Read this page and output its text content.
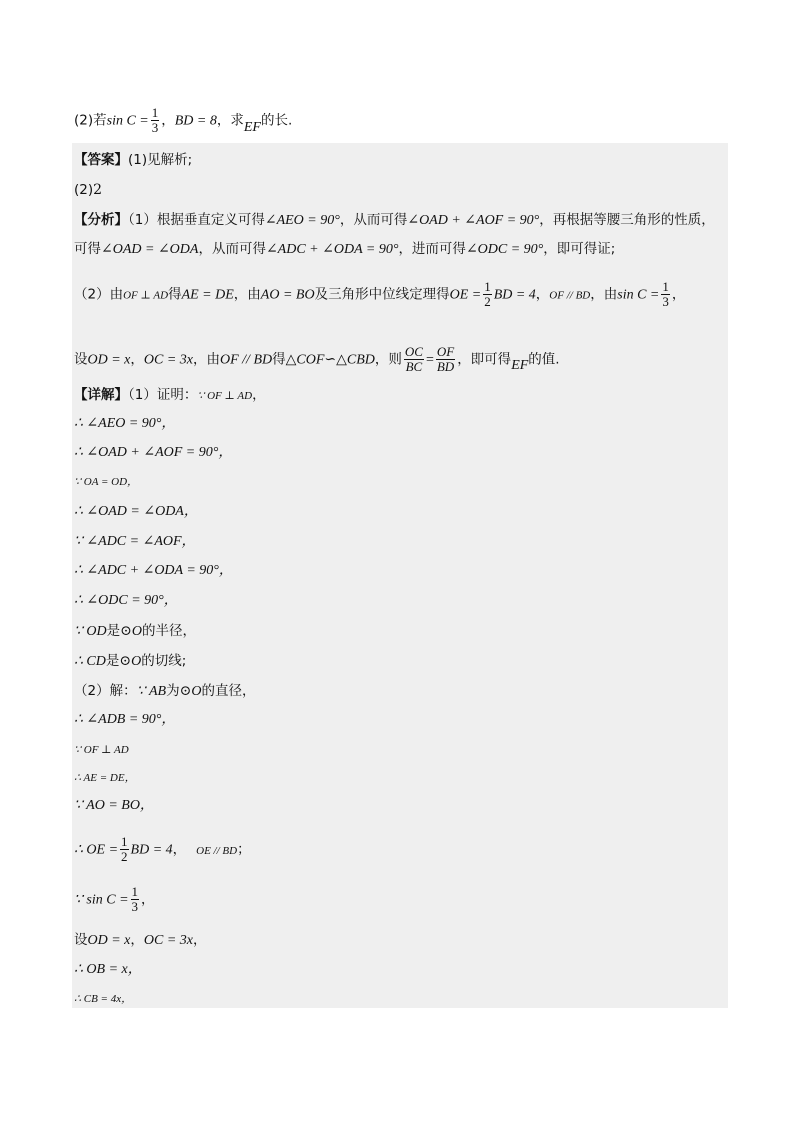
(2)若$\sin C = \frac{1}{3}$ ，BD = 8，求EF的长.
【答案】(1)见解析;
(2)2
【分析】（1）根据垂直定义可得∠AEO = 90°，从而可得∠OAD + ∠AOF = 90°，再根据等腰三角形的性质，
可得∠OAD = ∠ODA，从而可得∠ADC + ∠ODA = 90°，进而可得∠ODC = 90°，即可得证;
（2）由OF ⊥ AD得AE = DE，由AO = BO及三角形中位线定理得OE = $\frac{1}{2}$ BD = 4，OF // BD，由$\sin C = \frac{1}{3}$ ，
设OD = x，OC = 3x，由OF // BD得△COF∽△CBD，则 $\frac{OC}{BC} = \frac{OF}{BD}$ ，即可得EF的值.
【详解】（1）证明：∵ OF ⊥ AD，
∴ ∠AEO = 90°，
∴ ∠OAD + ∠AOF = 90°，
∵ OA = OD，
∴ ∠OAD = ∠ODA，
∵ ∠ADC = ∠AOF，
∴ ∠ADC + ∠ODA = 90°，
∴ ∠ODC = 90°，
∵ OD是⊙O的半径，
∴ CD是⊙O的切线;
（2）解：∵ AB为⊙O的直径，
∴ ∠ADB = 90°，
∵ OF ⊥ AD
∴ AE = DE，
∵ AO = BO，
∴ OE = $\frac{1}{2}$ BD = 4， OE // BD；
∵ $\sin C = \frac{1}{3}$ ，
设OD = x，OC = 3x，
∴ OB = x，
∴ CB = 4x，
